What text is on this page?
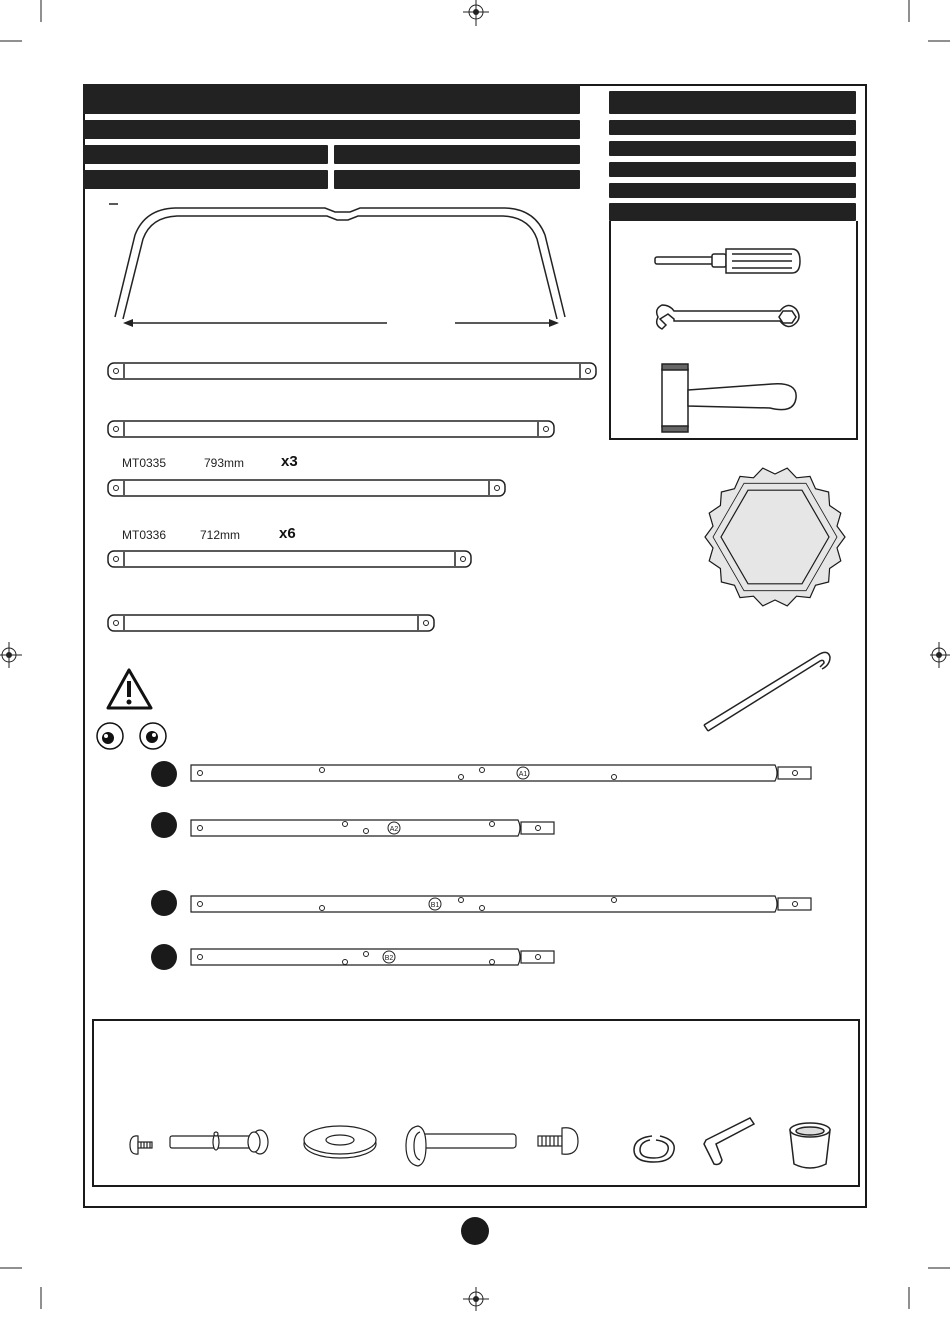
MT0335	793mm x3
MT0336	712mm	x6
A1
A2
B1
B2
